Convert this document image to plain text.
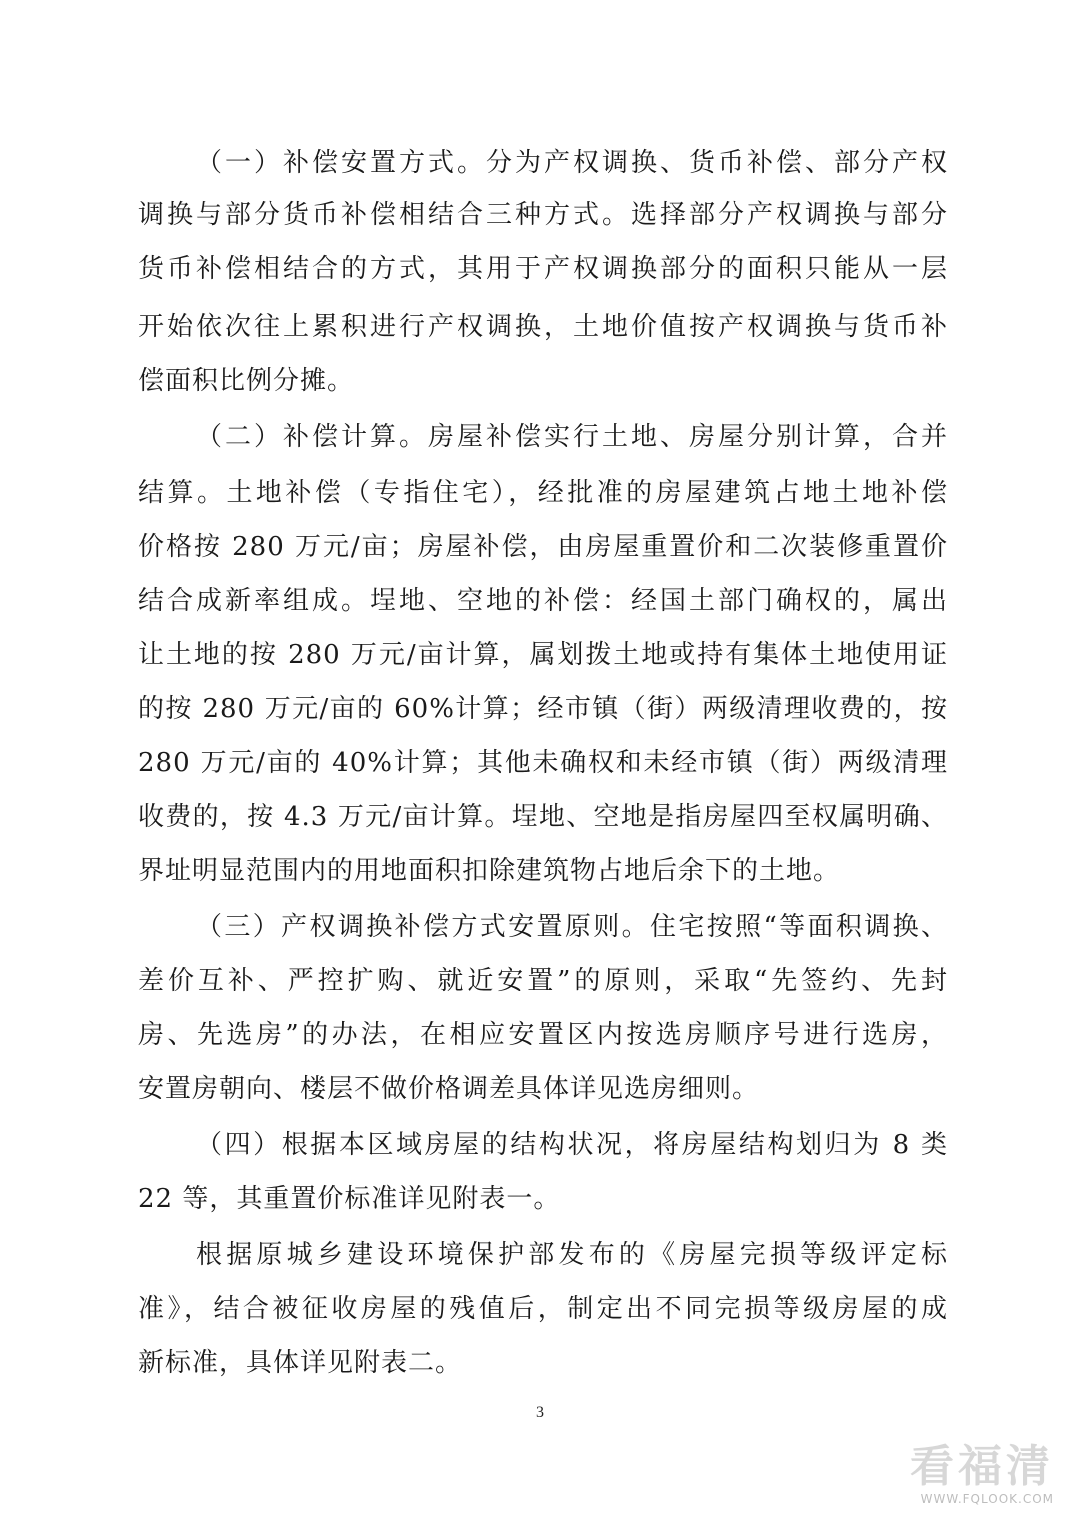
（一）补偿安置方式。分为产权调换、货币补偿、部分产权
调换与部分货币补偿相结合三种方式。选择部分产权调换与部分
货币补偿相结合的方式，其用于产权调换部分的面积只能从一层
开始依次往上累积进行产权调换，土地价值按产权调换与货币补
偿面积比例分摊。
（二）补偿计算。房屋补偿实行土地、房屋分别计算，合并
结算。土地补偿（专指住宅），经批准的房屋建筑占地土地补偿
价格按 280 万元/亩；房屋补偿，由房屋重置价和二次装修重置价
结合成新率组成。埕地、空地的补偿：经国土部门确权的，属出
让土地的按 280 万元/亩计算，属划拨土地或持有集体土地使用证
的按 280 万元/亩的 60%计算；经市镇（街）两级清理收费的，按
280 万元/亩的 40%计算；其他未确权和未经市镇（街）两级清理
收费的，按 4.3 万元/亩计算。埕地、空地是指房屋四至权属明确、
界址明显范围内的用地面积扣除建筑物占地后余下的土地。
（三）产权调换补偿方式安置原则。住宅按照“等面积调换、
差价互补、严控扩购、就近安置”的原则，采取“先签约、先封
房、先选房”的办法，在相应安置区内按选房顺序号进行选房，
安置房朝向、楼层不做价格调差具体详见选房细则。
（四）根据本区域房屋的结构状况，将房屋结构划归为 8 类
22 等，其重置价标准详见附表一。
根据原城乡建设环境保护部发布的《房屋完损等级评定标
准》，结合被征收房屋的残值后，制定出不同完损等级房屋的成
新标准，具体详见附表二。
3
看福清
WWW.FQLOOK.COM
